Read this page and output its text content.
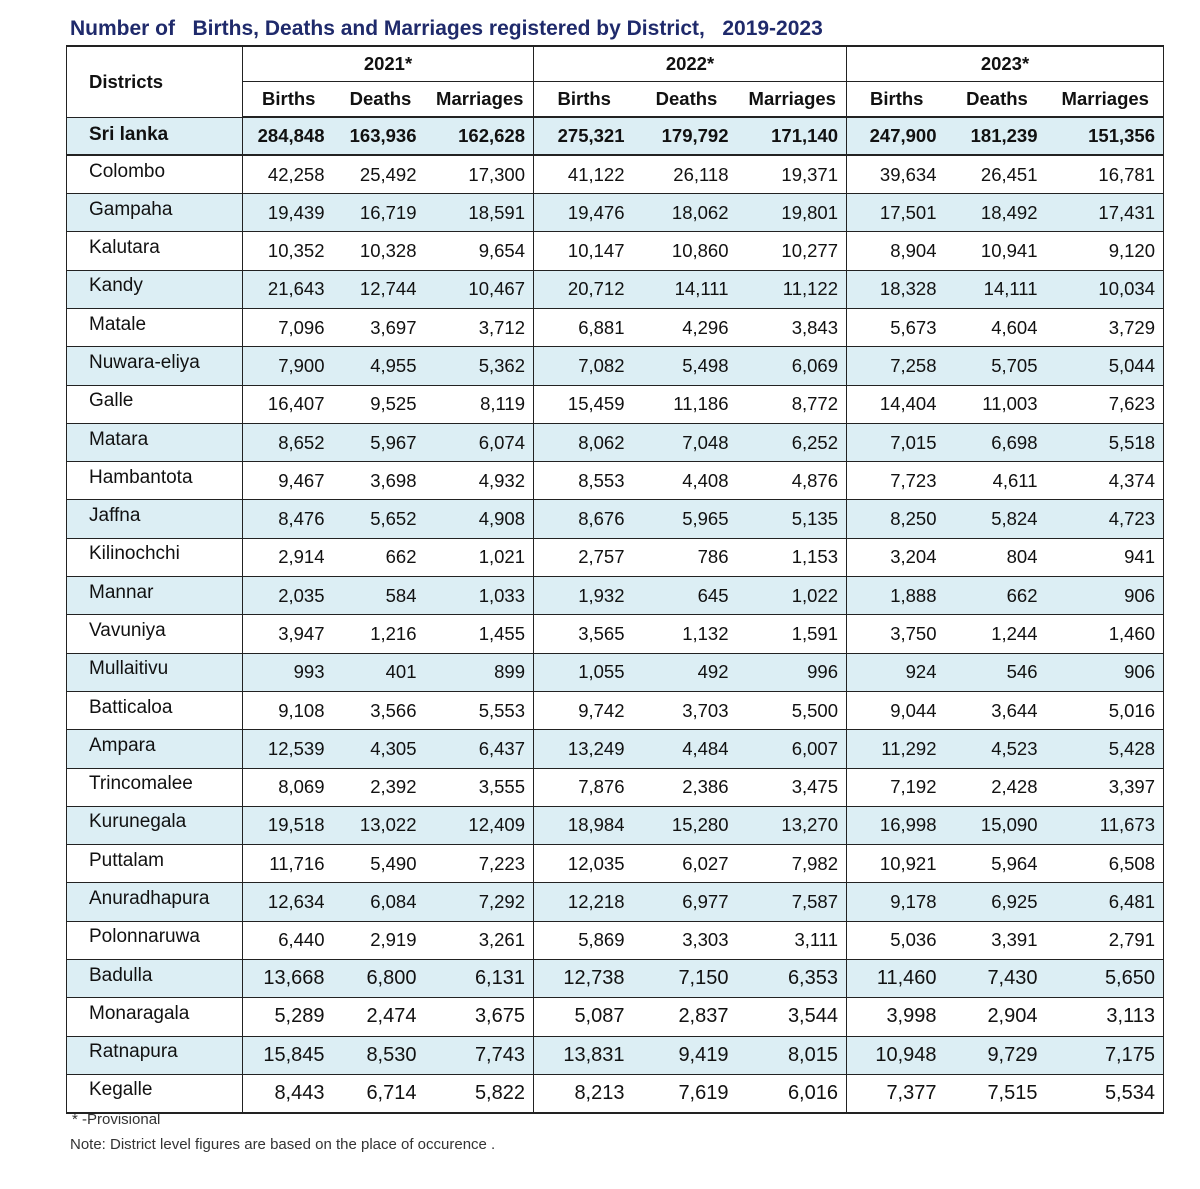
Number of   Births, Deaths and Marriages registered by District,   2019-2023
Districts	2021*			2022*			2023*		
	Births	Deaths	Marriages	Births	Deaths	Marriages	Births	Deaths	Marriages
Sri lanka	284,848	163,936	162,628	275,321	179,792	171,140	247,900	181,239	151,356
Colombo	42,258	25,492	17,300	41,122	26,118	19,371	39,634	26,451	16,781
Gampaha	19,439	16,719	18,591	19,476	18,062	19,801	17,501	18,492	17,431
Kalutara	10,352	10,328	9,654	10,147	10,860	10,277	8,904	10,941	9,120
Kandy	21,643	12,744	10,467	20,712	14,111	11,122	18,328	14,111	10,034
Matale	7,096	3,697	3,712	6,881	4,296	3,843	5,673	4,604	3,729
Nuwara-eliya	7,900	4,955	5,362	7,082	5,498	6,069	7,258	5,705	5,044
Galle	16,407	9,525	8,119	15,459	11,186	8,772	14,404	11,003	7,623
Matara	8,652	5,967	6,074	8,062	7,048	6,252	7,015	6,698	5,518
Hambantota	9,467	3,698	4,932	8,553	4,408	4,876	7,723	4,611	4,374
Jaffna	8,476	5,652	4,908	8,676	5,965	5,135	8,250	5,824	4,723
Kilinochchi	2,914	662	1,021	2,757	786	1,153	3,204	804	941
Mannar	2,035	584	1,033	1,932	645	1,022	1,888	662	906
Vavuniya	3,947	1,216	1,455	3,565	1,132	1,591	3,750	1,244	1,460
Mullaitivu	993	401	899	1,055	492	996	924	546	906
Batticaloa	9,108	3,566	5,553	9,742	3,703	5,500	9,044	3,644	5,016
Ampara	12,539	4,305	6,437	13,249	4,484	6,007	11,292	4,523	5,428
Trincomalee	8,069	2,392	3,555	7,876	2,386	3,475	7,192	2,428	3,397
Kurunegala	19,518	13,022	12,409	18,984	15,280	13,270	16,998	15,090	11,673
Puttalam	11,716	5,490	7,223	12,035	6,027	7,982	10,921	5,964	6,508
Anuradhapura	12,634	6,084	7,292	12,218	6,977	7,587	9,178	6,925	6,481
Polonnaruwa	6,440	2,919	3,261	5,869	3,303	3,111	5,036	3,391	2,791
Badulla	13,668	6,800	6,131	12,738	7,150	6,353	11,460	7,430	5,650
Monaragala	5,289	2,474	3,675	5,087	2,837	3,544	3,998	2,904	3,113
Ratnapura	15,845	8,530	7,743	13,831	9,419	8,015	10,948	9,729	7,175
Kegalle	8,443	6,714	5,822	8,213	7,619	6,016	7,377	7,515	5,534
* -Provisional
Note: District level figures are based on the place of occurence .
